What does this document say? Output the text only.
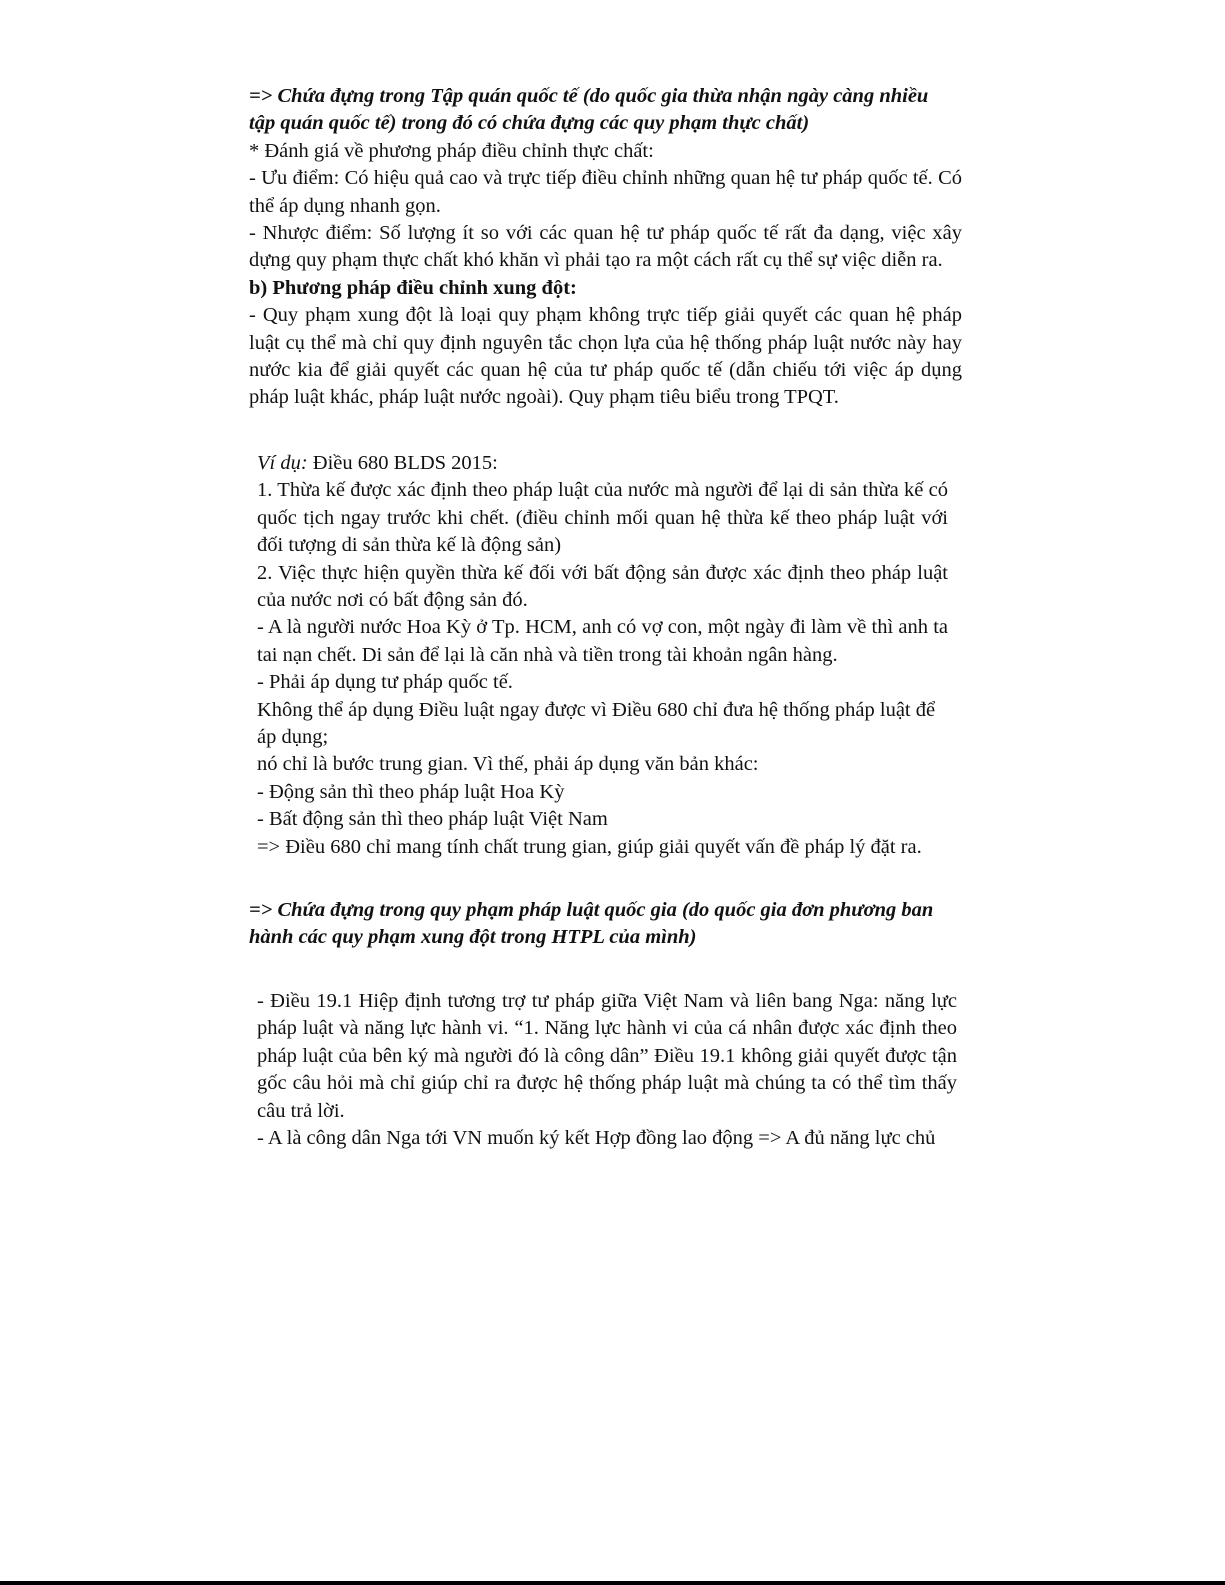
=> Chứa đựng trong Tập quán quốc tế (do quốc gia thừa nhận ngày càng nhiều

tập quán quốc tế) trong đó có chứa đựng các quy phạm thực chất)

* Đánh giá về phương pháp điều chỉnh thực chất:

- Ưu điểm: Có hiệu quả cao và trực tiếp điều chỉnh những quan hệ tư pháp quốc tế. Có thể áp dụng nhanh gọn.

- Nhược điểm: Số lượng ít so với các quan hệ tư pháp quốc tế rất đa dạng, việc xây dựng quy phạm thực chất khó khăn vì phải tạo ra một cách rất cụ thể sự việc diễn ra.

b) Phương pháp điều chỉnh xung đột:

- Quy phạm xung đột là loại quy phạm không trực tiếp giải quyết các quan hệ pháp luật cụ thể mà chỉ quy định nguyên tắc chọn lựa của hệ thống pháp luật nước này hay nước kia để giải quyết các quan hệ của tư pháp quốc tế (dẫn chiếu tới việc áp dụng pháp luật khác, pháp luật nước ngoài). Quy phạm tiêu biểu trong TPQT.

Ví dụ: Điều 680 BLDS 2015:

1. Thừa kế được xác định theo pháp luật của nước mà người để lại di sản thừa kế có quốc tịch ngay trước khi chết. (điều chỉnh mối quan hệ thừa kế theo pháp luật với đối tượng di sản thừa kế là động sản)

2. Việc thực hiện quyền thừa kế đối với bất động sản được xác định theo pháp luật của nước nơi có bất động sản đó.

- A là người nước Hoa Kỳ ở Tp. HCM, anh có vợ con, một ngày đi làm về thì anh ta tai nạn chết. Di sản để lại là căn nhà và tiền trong tài khoản ngân hàng.

- Phải áp dụng tư pháp quốc tế.

Không thể áp dụng Điều luật ngay được vì Điều 680 chỉ đưa hệ thống pháp luật để

áp dụng;

nó chỉ là bước trung gian. Vì thế, phải áp dụng văn bản khác:

- Động sản thì theo pháp luật Hoa Kỳ

- Bất động sản thì theo pháp luật Việt Nam

=> Điều 680 chỉ mang tính chất trung gian, giúp giải quyết vấn đề pháp lý đặt ra.

=> Chứa đựng trong quy phạm pháp luật quốc gia (do quốc gia đơn phương ban

hành các quy phạm xung đột trong HTPL của mình)

- Điều 19.1 Hiệp định tương trợ tư pháp giữa Việt Nam và liên bang Nga: năng lực pháp luật và năng lực hành vi. “1. Năng lực hành vi của cá nhân được xác định theo pháp luật của bên ký mà người đó là công dân” Điều 19.1 không giải quyết được tận gốc câu hỏi mà chỉ giúp chỉ ra được hệ thống pháp luật mà chúng ta có thể tìm thấy câu trả lời.

- A là công dân Nga tới VN muốn ký kết Hợp đồng lao động => A đủ năng lực chủ
